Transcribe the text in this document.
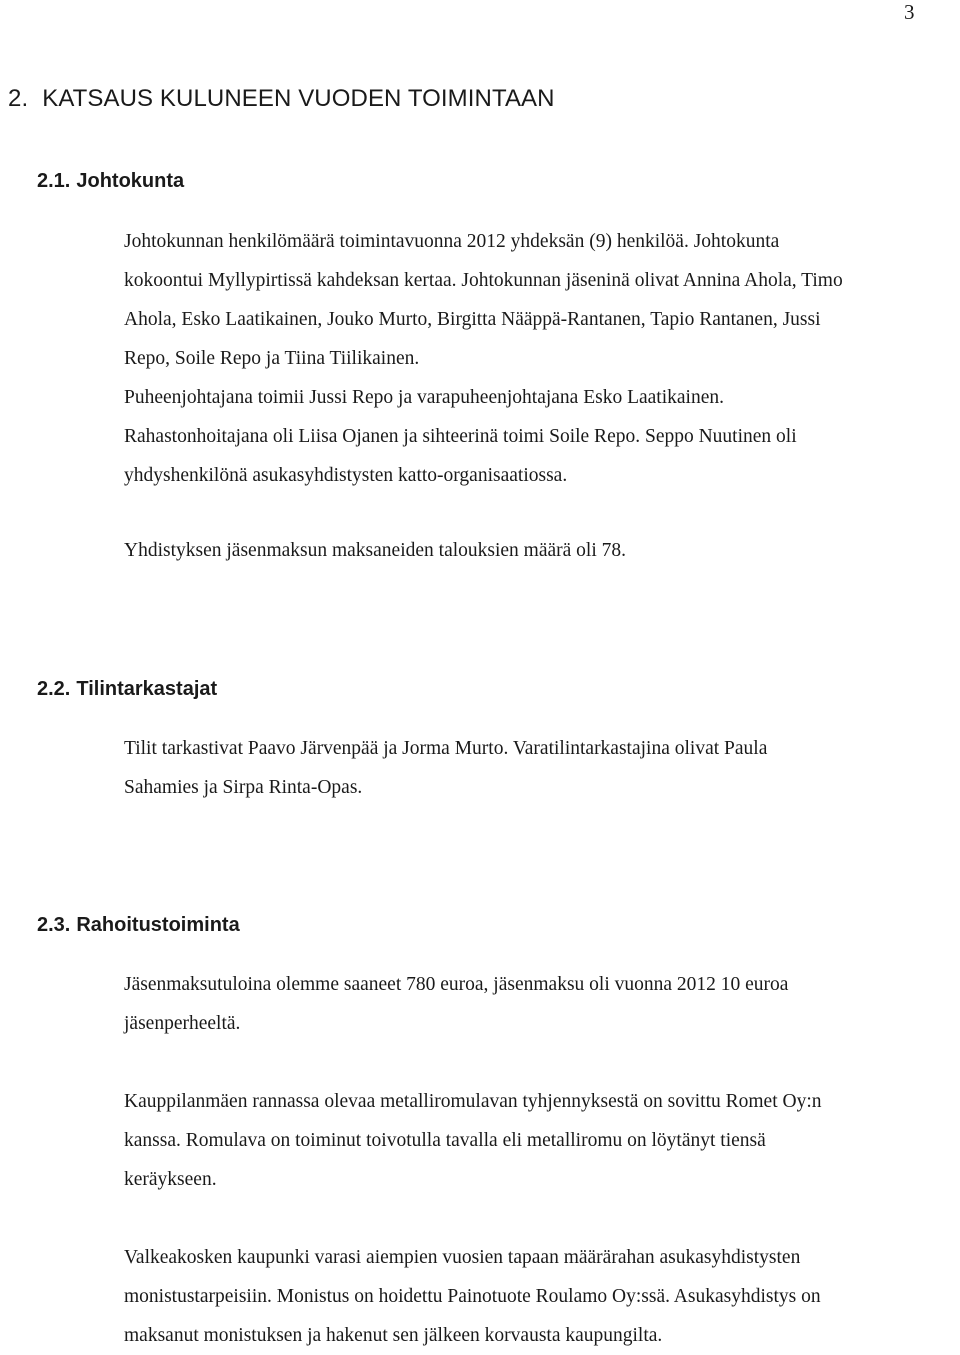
3
2. KATSAUS KULUNEEN VUODEN TOIMINTAAN
2.1. Johtokunta

Johtokunnan henkilömäärä toimintavuonna 2012 yhdeksän (9) henkilöä. Johtokunta
kokoontui Myllypirtissä kahdeksan kertaa. Johtokunnan jäseninä olivat Annina Ahola, Timo
Ahola, Esko Laatikainen, Jouko Murto, Birgitta Nääppä-Rantanen, Tapio Rantanen, Jussi
Repo, Soile Repo ja Tiina Tiilikainen.
Puheenjohtajana toimii Jussi Repo ja varapuheenjohtajana Esko Laatikainen.
Rahastonhoitajana oli Liisa Ojanen ja sihteerinä toimi Soile Repo. Seppo Nuutinen oli
yhdyshenkilönä asukasyhdistysten katto-organisaatiossa.

Yhdistyksen jäsenmaksun maksaneiden talouksien määrä oli 78.

2.2. Tilintarkastajat

Tilit tarkastivat Paavo Järvenpää ja Jorma Murto. Varatilintarkastajina olivat Paula
Sahamies ja Sirpa Rinta-Opas.

2.3. Rahoitustoiminta

Jäsenmaksutuloina olemme saaneet 780 euroa, jäsenmaksu oli vuonna 2012 10 euroa
jäsenperheeltä.

Kauppilanmäen rannassa olevaa metalliromulavan tyhjennyksestä on sovittu Romet Oy:n
kanssa. Romulava on toiminut toivotulla tavalla eli metalliromu on löytänyt tiensä
keräykseen.

Valkeakosken kaupunki varasi aiempien vuosien tapaan määrärahan asukasyhdistysten
monistustarpeisiin. Monistus on hoidettu Painotuote Roulamo Oy:ssä. Asukasyhdistys on
maksanut monistuksen ja hakenut sen jälkeen korvausta kaupungilta.
